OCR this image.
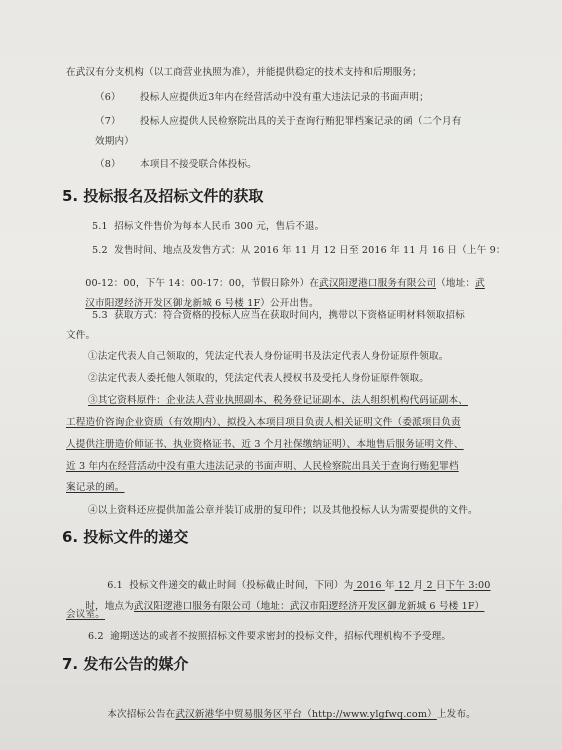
在武汉有分支机构（以工商营业执照为准），并能提供稳定的技术支持和后期服务；
（6） 投标人应提供近3年内在经营活动中没有重大违法记录的书面声明；
（7） 投标人应提供人民检察院出具的关于查询行贿犯罪档案记录的函（二个月有
效期内）
（8） 本项目不接受联合体投标。
5. 投标报名及招标文件的获取
5.1  招标文件售价为每本人民币 300 元，售后不退。
5.2  发售时间、地点及发售方式：从 2016 年 11 月 12 日至 2016 年 11 月 16 日（上午 9：

00-12：00，下午 14：00-17：00，节假日除外）在武汉阳逻港口服务有限公司（地址：武

汉市阳逻经济开发区御龙新城 6 号楼 1F）公开出售。

5.3  获取方式：符合资格的投标人应当在获取时间内，携带以下资格证明材料领取招标
文件。
①法定代表人自己领取的，凭法定代表人身份证明书及法定代表人身份证原件领取。
②法定代表人委托他人领取的，凭法定代表人授权书及受托人身份证原件领取。
③其它资料原件：企业法人营业执照副本、税务登记证副本、法人组织机构代码证副本、
工程造价咨询企业资质（有效期内）、拟投入本项目项目负责人相关证明文件（委派项目负责
人提供注册造价师证书、执业资格证书、近 3 个月社保缴纳证明）、本地售后服务证明文件、
近 3 年内在经营活动中没有重大违法记录的书面声明、人民检察院出具关于查询行贿犯罪档
案记录的函。
④以上资料还应提供加盖公章并装订成册的复印件；以及其他投标人认为需要提供的文件。
6. 投标文件的递交

6.1  投标文件递交的截止时间（投标截止时间，下同）为 2016 年 12 月 2 日下午 3:00

时，地点为武汉阳逻港口服务有限公司（地址：武汉市阳逻经济开发区御龙新城 6 号楼 1F）

会议室。
6.2  逾期送达的或者不按照招标文件要求密封的投标文件，招标代理机构不予受理。
7. 发布公告的媒介

本次招标公告在武汉新港华中贸易服务区平台（http://www.ylgfwq.com）上发布。
